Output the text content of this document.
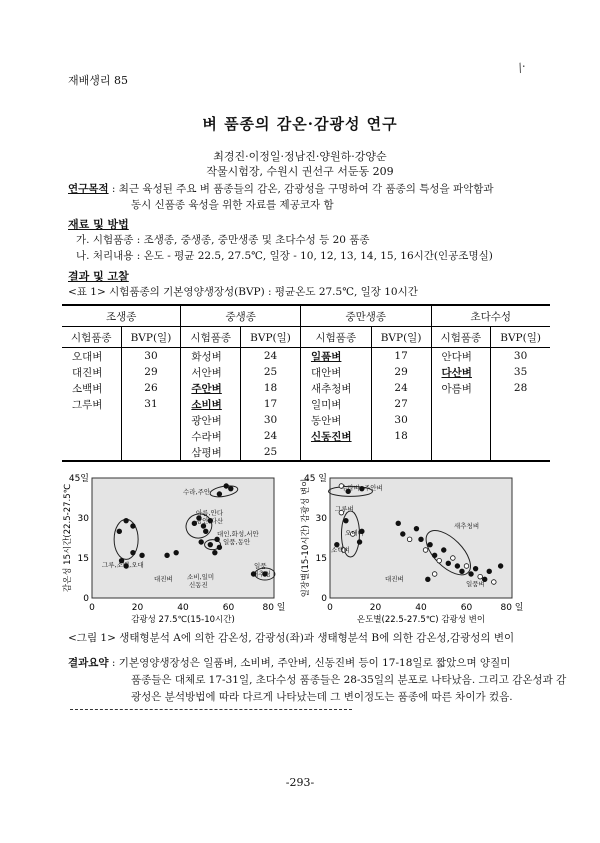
재배생리 85
/·
벼 품종의 감온·감광성 연구
최경진·이정일·정남진·양원하·강양순
작물시험장, 수원시 권선구 서둔동 209
연구목적 : 최근 육성된 주요 벼 품종들의 감온, 감광성을 구명하여 각 품종의 특성을 파악함과
동시 신품종 육성을 위한 자료를 제공코자 함
재료 및 방법
가. 시험품종 : 조생종, 중생종, 중만생종 및 초다수성 등 20 품종
나. 처리내용 : 온도 - 평균 22.5, 27.5℃, 일장 - 10, 12, 13, 14, 15, 16시간(인공조명실)
결과 및 고찰
<표 1> 시험품종의 기본영양생장성(BVP) : 평균온도 27.5℃, 일장 10시간
조생종		중생종		중만생종		초다수성	
시험품종	BVP(일)	시험품종	BVP(일)	시험품종	BVP(일)	시험품종	BVP(일)
오대벼	30	화성벼	24	일품벼	17	안다벼	30
대진벼	29	서안벼	25	대안벼	29	다산벼	35
소백벼	26	주안벼	18	새추청벼	24	아름벼	28
그루벼	31	소비벼	17	일미벼	27		
		광안벼	30	동안벼	30		
		수라벼	24	신동진벼	18		
		삼평벼	25				
0	20	40	60	80 일
0
15
30
45일
감광성 27.5℃(15-10시간)
감온성 15시간(22.5-27.5℃	수라,주안
아름,안다
광안,다산
대인,화성,서안
일품,동안
그루,소백,오대
대진벼 소비,일미
신동진
일품
새추청
0	20	40	60	80 일
0
15
30
45 일
온도별(22.5-27.5℃) 감광성 변이
일장별(15-10시간) 감광성 변이	수라벼 주안벼
그루벼
오대벼
소백벼
대진벼
새추청벼
일품벼
<그림 1> 생태형분석 A에 의한 감온성, 감광성(좌)과 생태형분석 B에 의한 감온성,감광성의 변이
결과요약 : 기본영양생장성은 일품벼, 소비벼, 주안벼, 신동진벼 등이 17-18일로 짧았으며 양질미
품종들은 대체로 17-31일, 초다수성 품종들은 28-35일의 분포로 나타났음. 그리고 감온성과 감
광성은 분석방법에 따라 다르게 나타났는데 그 변이정도는 품종에 따른 차이가 컸음.
-293-
